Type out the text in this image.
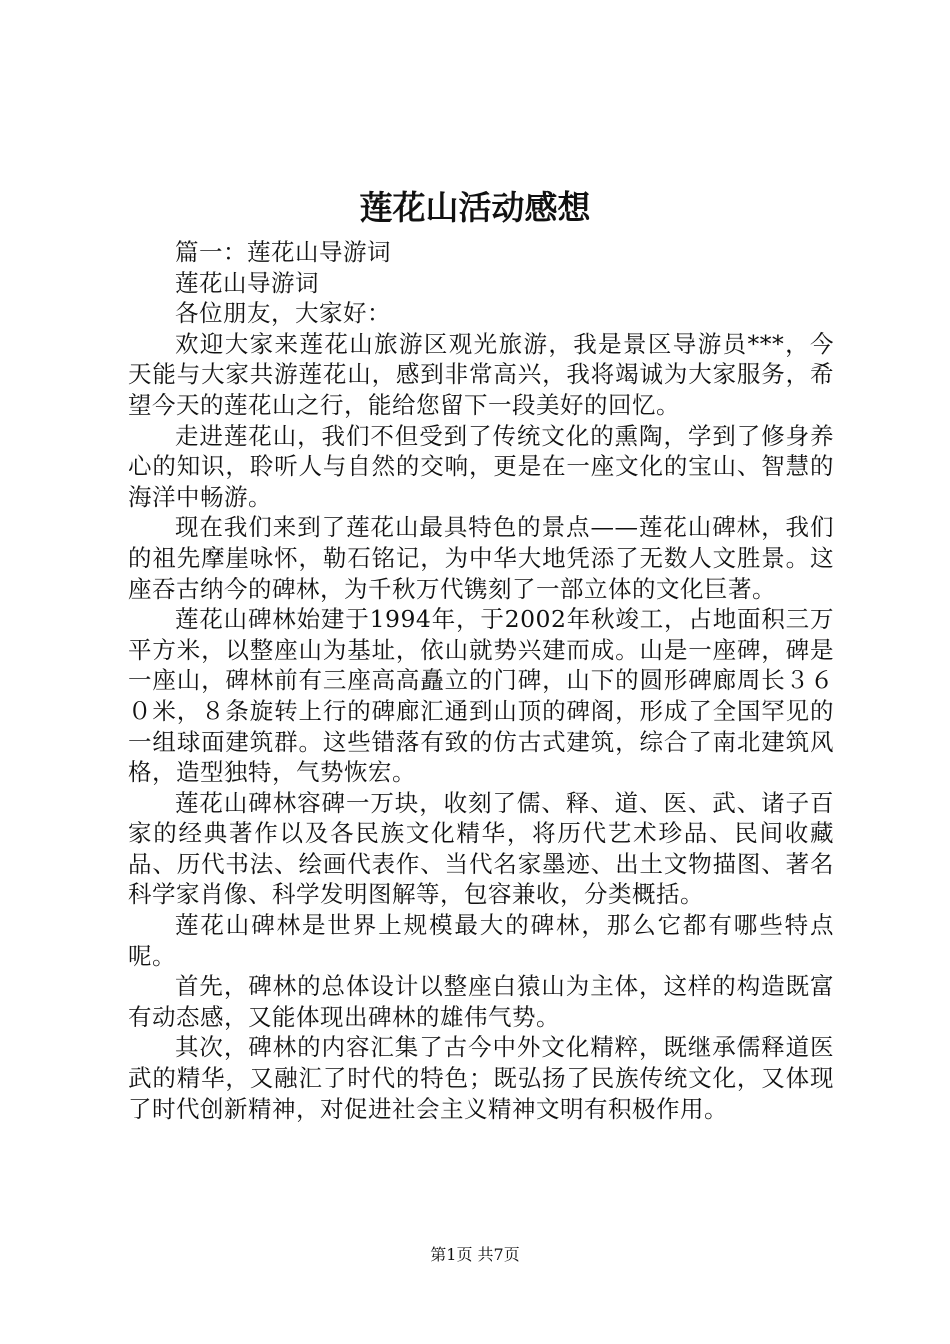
莲花山活动感想

篇一：莲花山导游词

莲花山导游词

各位朋友，大家好：

欢迎大家来莲花山旅游区观光旅游，我是景区导游员***，今天能与大家共游莲花山，感到非常高兴，我将竭诚为大家服务，希望今天的莲花山之行，能给您留下一段美好的回忆。

走进莲花山，我们不但受到了传统文化的熏陶，学到了修身养心的知识，聆听人与自然的交响，更是在一座文化的宝山、智慧的海洋中畅游。

现在我们来到了莲花山最具特色的景点——莲花山碑林，我们的祖先摩崖咏怀，勒石铭记，为中华大地凭添了无数人文胜景。这座吞古纳今的碑林，为千秋万代镌刻了一部立体的文化巨著。

莲花山碑林始建于1994年，于2002年秋竣工，占地面积三万平方米，以整座山为基址，依山就势兴建而成。山是一座碑，碑是一座山，碑林前有三座高高矗立的门碑，山下的圆形碑廊周长３６０米，８条旋转上行的碑廊汇通到山顶的碑阁，形成了全国罕见的一组球面建筑群。这些错落有致的仿古式建筑，综合了南北建筑风格，造型独特，气势恢宏。

莲花山碑林容碑一万块，收刻了儒、释、道、医、武、诸子百家的经典著作以及各民族文化精华，将历代艺术珍品、民间收藏品、历代书法、绘画代表作、当代名家墨迹、出土文物描图、著名科学家肖像、科学发明图解等，包容兼收，分类概括。

莲花山碑林是世界上规模最大的碑林，那么它都有哪些特点呢。

首先，碑林的总体设计以整座白猿山为主体，这样的构造既富有动态感，又能体现出碑林的雄伟气势。

其次，碑林的内容汇集了古今中外文化精粹，既继承儒释道医武的精华，又融汇了时代的特色；既弘扬了民族传统文化，又体现了时代创新精神，对促进社会主义精神文明有积极作用。

第1页 共7页
